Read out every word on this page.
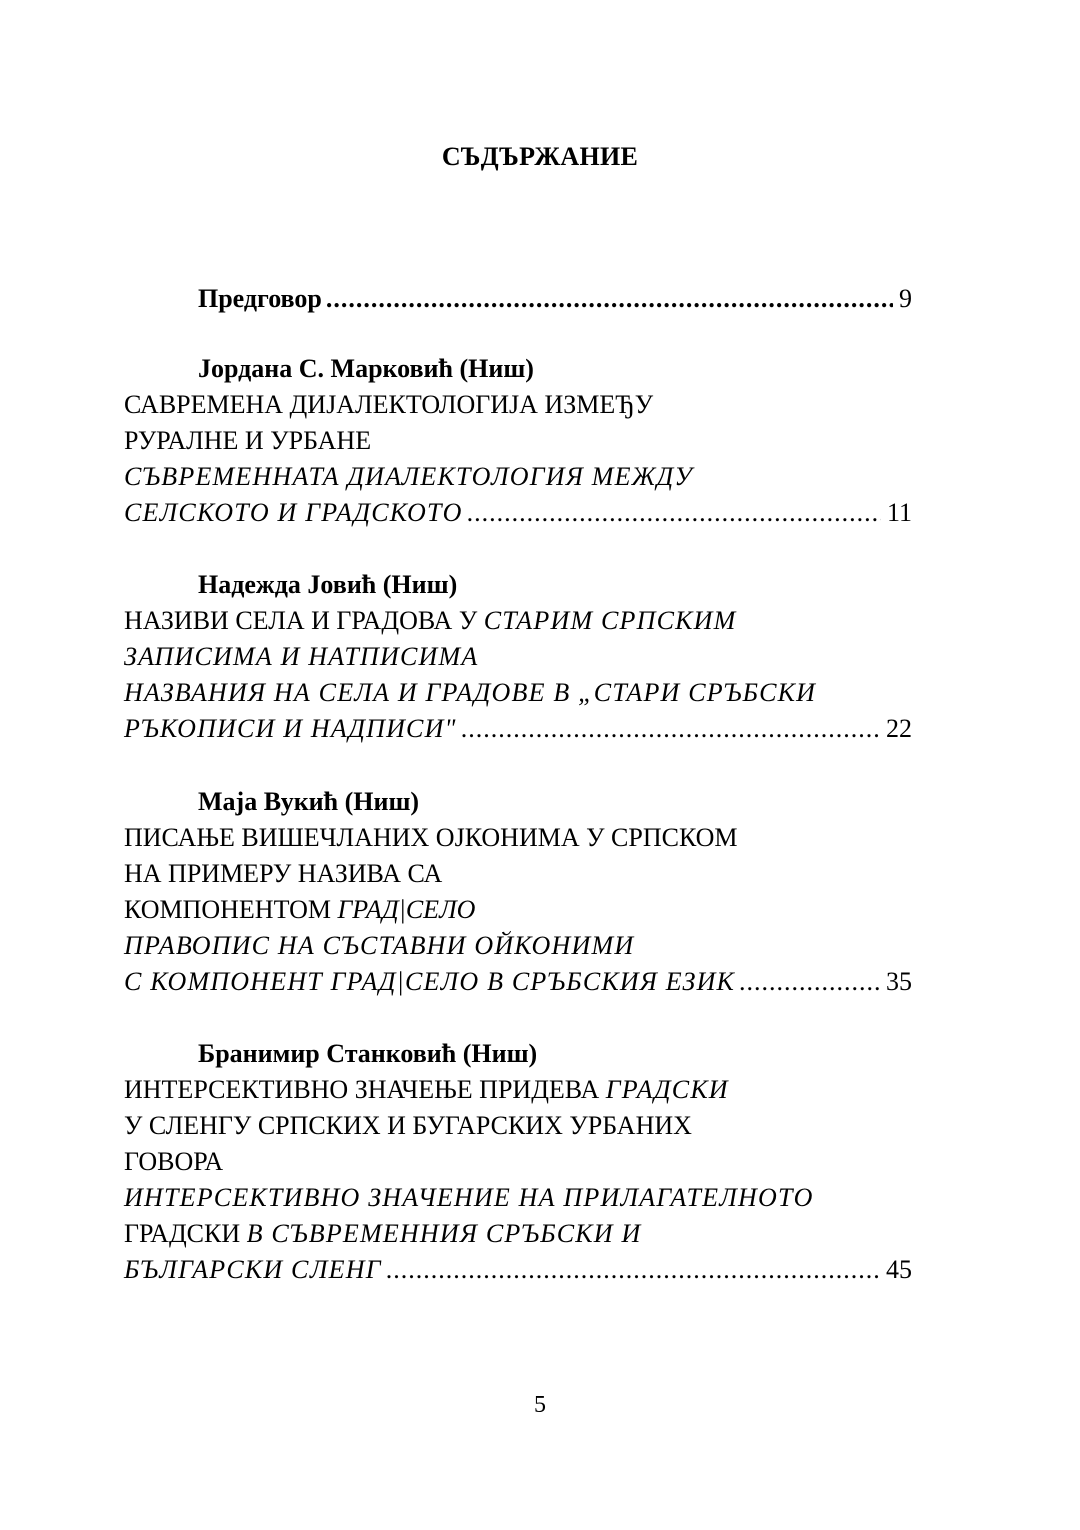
СЪДЪРЖАНИЕ
Предговор .....	9
Јордана С. Марковић (Ниш)
САВРЕМЕНА ДИЈАЛЕКТОЛОГИЈА ИЗМЕЂУ
РУРАЛНЕ И УРБАНЕ
СЪВРЕМЕННАТА ДИАЛЕКТОЛОГИЯ МЕЖДУ
СЕЛСКОТО И ГРАДСКОТО .....	11
Надежда Јовић (Ниш)
НАЗИВИ СЕЛА И ГРАДОВА У СТАРИМ СРПСКИМ
ЗАПИСИМА И НАТПИСИМА
НАЗВАНИЯ НА СЕЛА И ГРАДОВЕ В „СТАРИ СРЪБСКИ
РЪКОПИСИ И НАДПИСИ" .....	22
Маја Вукић (Ниш)
ПИСАЊЕ ВИШЕЧЛАНИХ ОЈКОНИМА У СРПСКОМ
НА ПРИМЕРУ НАЗИВА СА
КОМПОНЕНТОМ ГРАД|СЕЛО
ПРАВОПИС НА СЪСТАВНИ ОЙКОНИМИ
С КОМПОНЕНТ ГРАД|СЕЛО В СРЪБСКИЯ ЕЗИК .....	35
Бранимир Станковић (Ниш)
ИНТЕРСЕКТИВНО ЗНАЧЕЊЕ ПРИДЕВА ГРАДСКИ
У СЛЕНГУ СРПСКИХ И БУГАРСКИХ УРБАНИХ
ГОВОРА
ИНТЕРСЕКТИВНО ЗНАЧЕНИЕ НА ПРИЛАГАТЕЛНОТО
ГРАДСКИ В СЪВРЕМЕННИЯ СРЪБСКИ И
БЪЛГАРСКИ СЛЕНГ .....	45
5
